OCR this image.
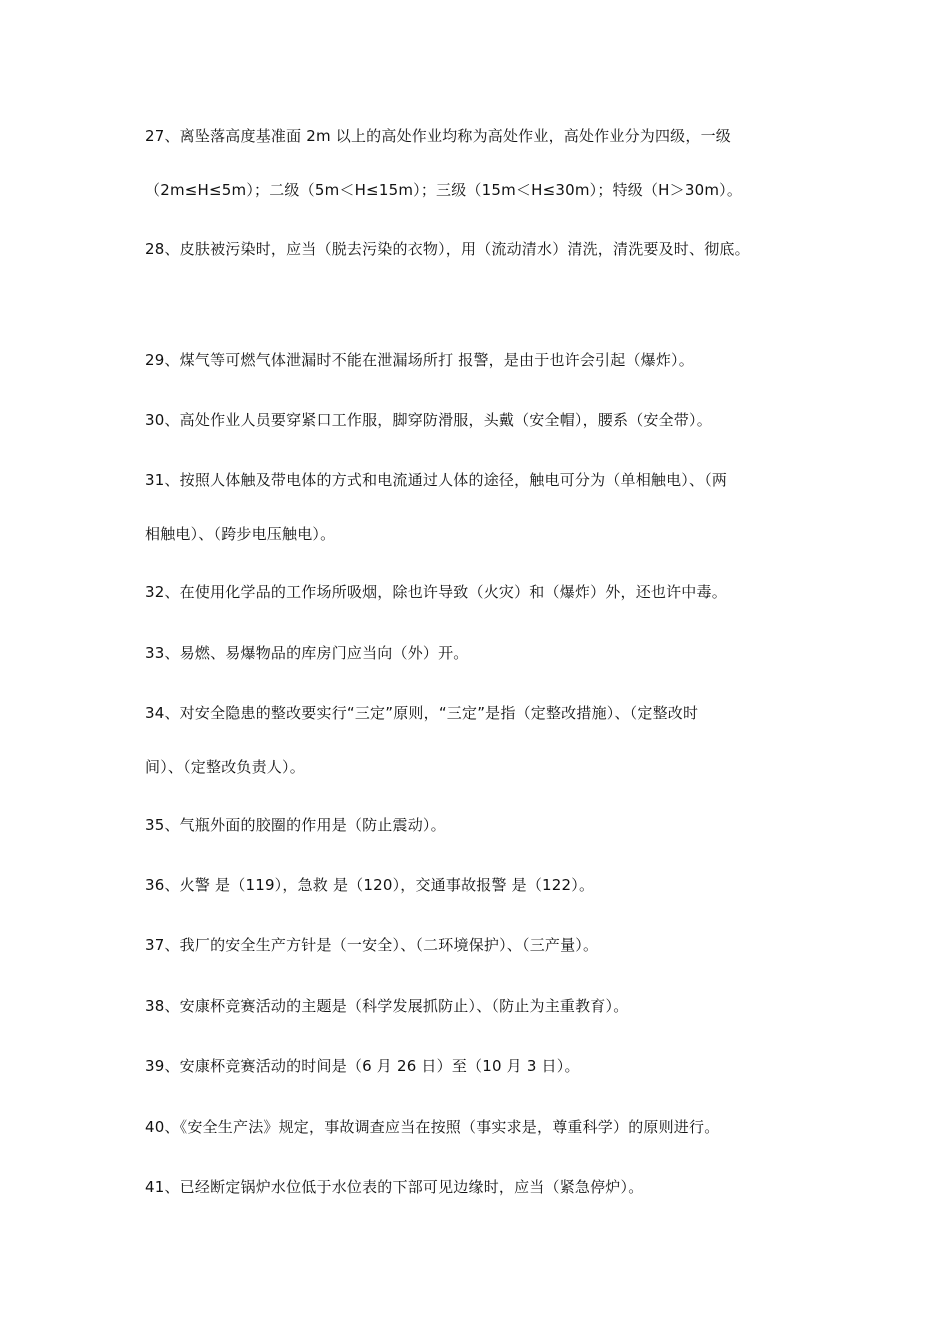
27、离坠落高度基准面 2m 以上的高处作业均称为高处作业，高处作业分为四级，一级
（2m≤H≤5m）；二级（5m＜H≤15m）；三级（15m＜H≤30m）；特级（H＞30m）。
28、皮肤被污染时，应当（脱去污染的衣物），用（流动清水）清洗，清洗要及时、彻底。
29、煤气等可燃气体泄漏时不能在泄漏场所打 报警，是由于也许会引起（爆炸）。
30、高处作业人员要穿紧口工作服，脚穿防滑服，头戴（安全帽），腰系（安全带）。
31、按照人体触及带电体的方式和电流通过人体的途径，触电可分为（单相触电）、（两
相触电）、（跨步电压触电）。
32、在使用化学品的工作场所吸烟，除也许导致（火灾）和（爆炸）外，还也许中毒。
33、易燃、易爆物品的库房门应当向（外）开。
34、对安全隐患的整改要实行“三定”原则，“三定”是指（定整改措施）、（定整改时
间）、（定整改负责人）。
35、气瓶外面的胶圈的作用是（防止震动）。
36、火警 是（119），急救 是（120），交通事故报警 是（122）。
37、我厂的安全生产方针是（一安全）、（二环境保护）、（三产量）。
38、安康杯竞赛活动的主题是（科学发展抓防止）、（防止为主重教育）。
39、安康杯竞赛活动的时间是（6 月 26 日）至（10 月 3 日）。
40、《安全生产法》规定，事故调查应当在按照（事实求是，尊重科学）的原则进行。
41、已经断定锅炉水位低于水位表的下部可见边缘时，应当（紧急停炉）。
